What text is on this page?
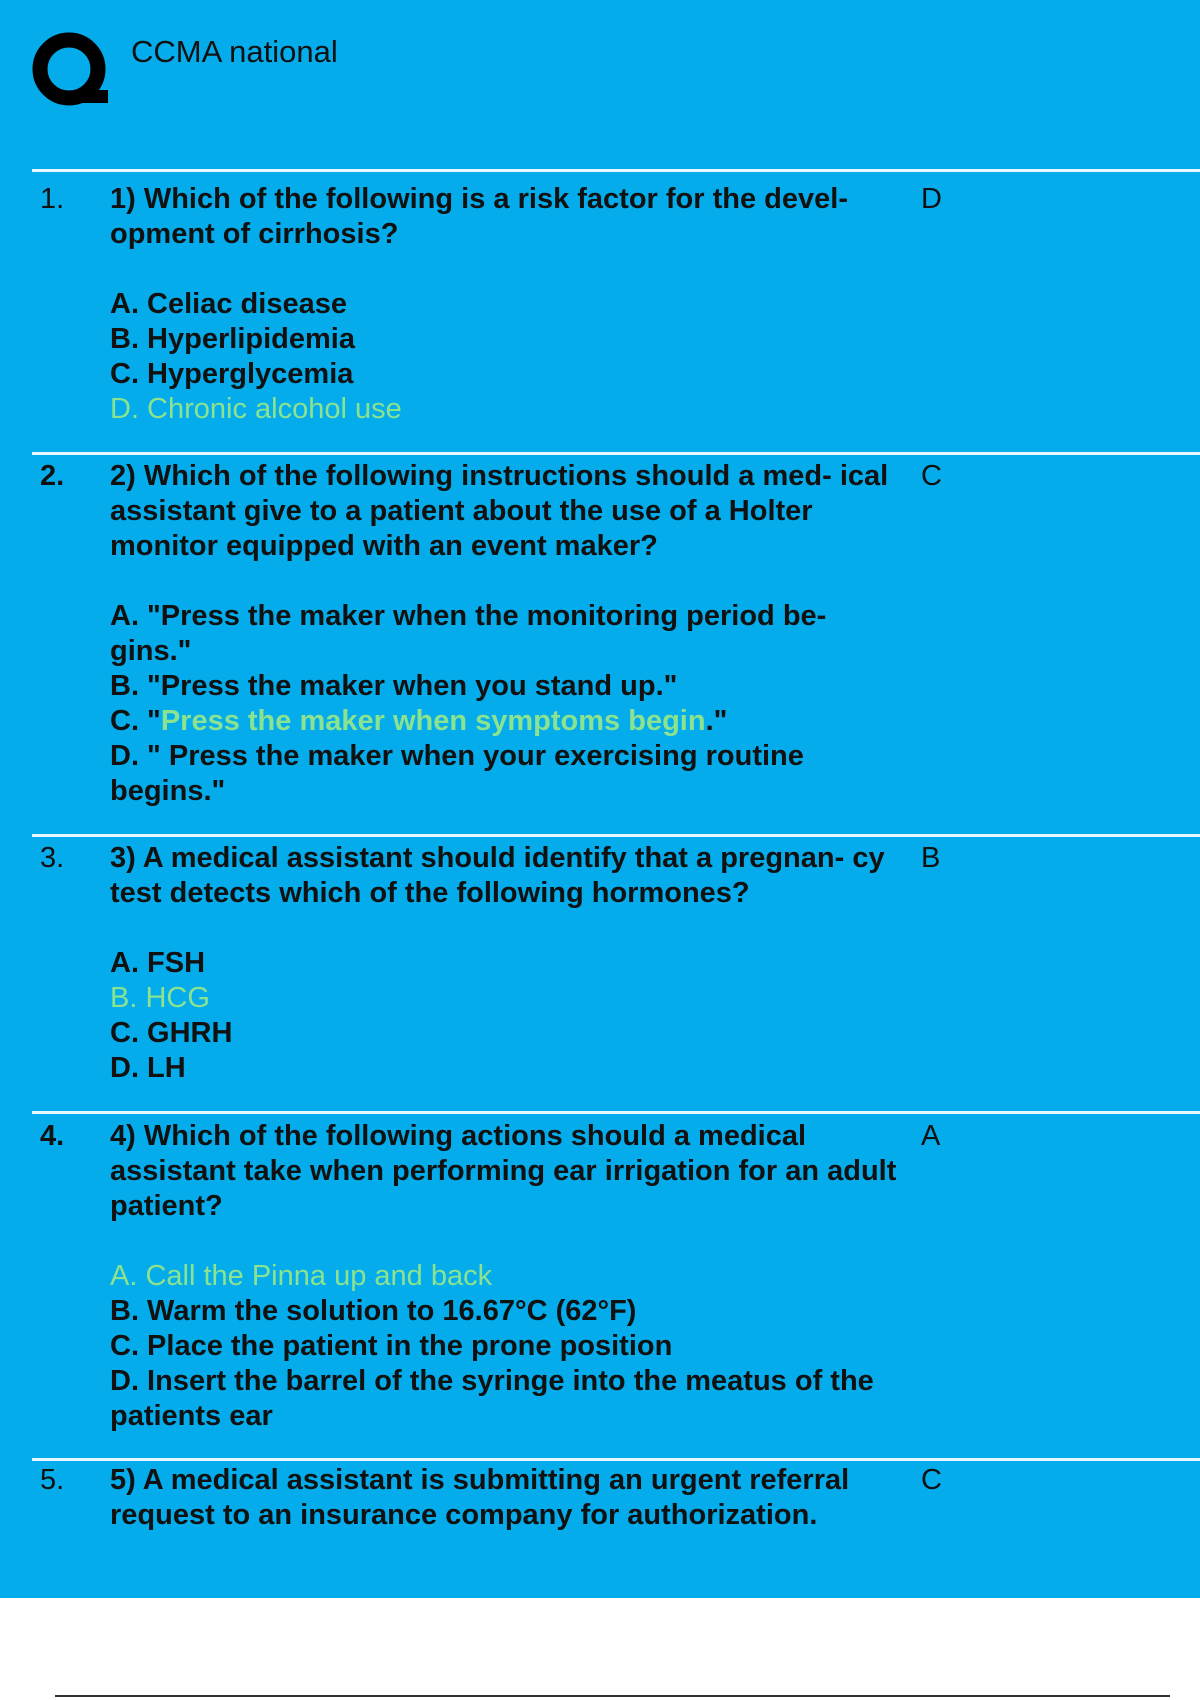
CCMA national
1. 1) Which of the following is a risk factor for the devel- opment of cirrhosis?
A. Celiac disease
B. Hyperlipidemia
C. Hyperglycemia
D. Chronic alcohol use
D
2. 2) Which of the following instructions should a med- ical assistant give to a patient about the use of a Holter monitor equipped with an event maker?
A. "Press the maker when the monitoring period be- gins."
B. "Press the maker when you stand up."
C. "Press the maker when symptoms begin."
D. " Press the maker when your exercising routine begins."
C
3. 3) A medical assistant should identify that a pregnan- cy test detects which of the following hormones?
A. FSH
B. HCG
C. GHRH
D. LH
B
4. 4) Which of the following actions should a medical assistant take when performing ear irrigation for an adult patient?
A. Call the Pinna up and back
B. Warm the solution to 16.67°C (62°F)
C. Place the patient in the prone position
D. Insert the barrel of the syringe into the meatus of the patients ear
A
5. 5) A medical assistant is submitting an urgent referral request to an insurance company for authorization.
C
